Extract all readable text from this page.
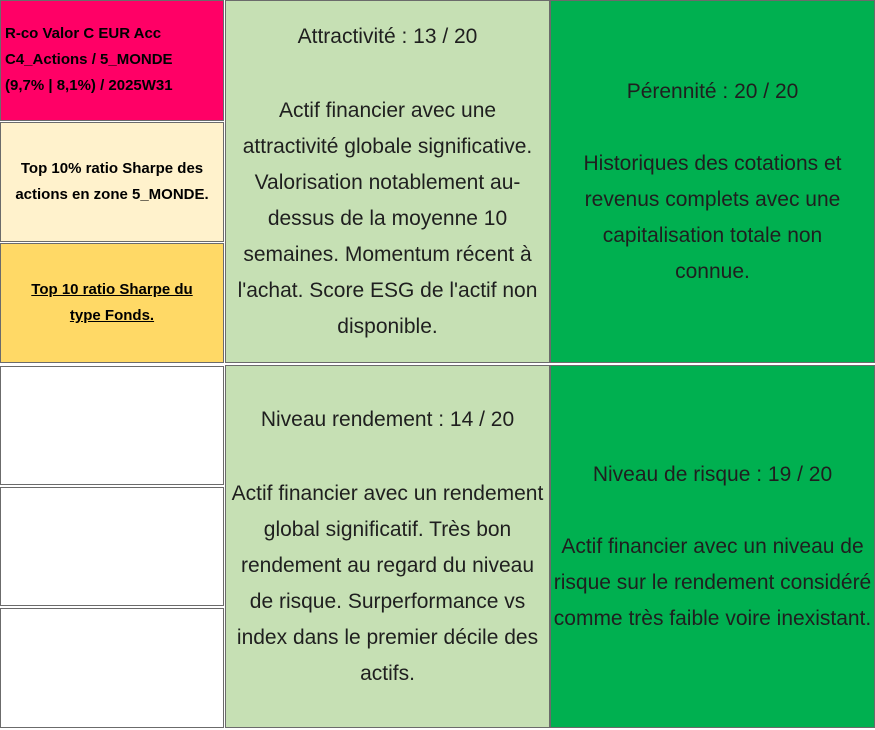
R-co Valor C EUR Acc
C4_Actions / 5_MONDE
(9,7% | 8,1%) / 2025W31
Top 10% ratio Sharpe des actions en zone 5_MONDE.
Top 10 ratio Sharpe du type Fonds.
Attractivité : 13 / 20
Actif financier avec une attractivité globale significative. Valorisation notablement au-dessus de la moyenne 10 semaines. Momentum récent à l'achat. Score ESG de l'actif non disponible.
Pérennité : 20 / 20
Historiques des cotations et revenus complets avec une capitalisation totale non connue.
Niveau rendement : 14 / 20
Actif financier avec un rendement global significatif. Très bon rendement au regard du niveau de risque. Surperformance vs index dans le premier décile des actifs.
Niveau de risque : 19 / 20
Actif financier avec un niveau de risque sur le rendement considéré comme très faible voire inexistant.
